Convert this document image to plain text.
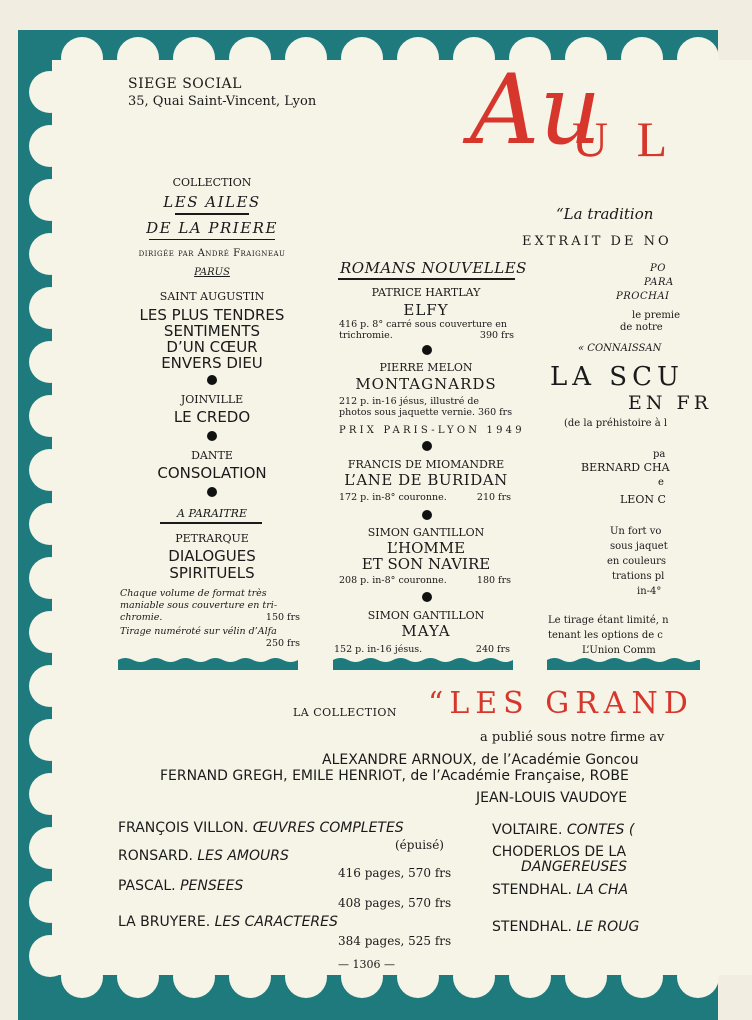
SIEGE SOCIAL
35, Quai Saint-Vincent, Lyon Au
U L
“La tradition
EXTRAIT DE NO
PO
PARA
PROCHAI
le premie
de notre
« CONNAISSAN
LA SCU
EN FR
(de la préhistoire à l
pa
BERNARD CHA
e
LEON C
Un fort vo
sous jaquet
en couleurs
trations pl
in-4°
Le tirage étant limité, n
tenant les options de c
L’Union Comm
COLLECTION
LES AILES
DE LA PRIERE
dirigée par André Fraigneau
PARUS
SAINT AUGUSTIN
LES PLUS TENDRES
SENTIMENTS
D’UN CŒUR
ENVERS DIEU
JOINVILLE
LE CREDO
DANTE
CONSOLATION
A PARAITRE
PETRARQUE
DIALOGUES
SPIRITUELS
Chaque volume de format très
maniable sous couverture en tri-
chromie.	150 frs
Tirage numéroté sur vélin d’Alfa
250 frs
ROMANS NOUVELLES
PATRICE HARTLAY
ELFY
416 p. 8° carré sous couverture en
trichromie.	390 frs
PIERRE MELON
MONTAGNARDS
212 p. in-16 jésus, illustré de
photos sous jaquette vernie. 360 frs
PRIX PARIS-LYON 1949
FRANCIS DE MIOMANDRE
L’ANE DE BURIDAN
172 p. in-8° couronne.	210 frs
SIMON GANTILLON
L’HOMME
ET SON NAVIRE
208 p. in-8° couronne.	180 frs
SIMON GANTILLON
MAYA
152 p. in-16 jésus.	240 frs
LA COLLECTION “LES GRAND
a publié sous notre firme av
ALEXANDRE ARNOUX, de l’Académie Goncou
FERNAND GREGH, EMILE HENRIOT, de l’Académie Française, ROBE
JEAN-LOUIS VAUDOYE
FRANÇOIS VILLON. ŒUVRES COMPLETES
(épuisé)
RONSARD. LES AMOURS
416 pages, 570 frs
PASCAL. PENSEES
408 pages, 570 frs
LA BRUYERE. LES CARACTERES
384 pages, 525 frs
VOLTAIRE. CONTES (
CHODERLOS DE LA
DANGEREUSES
STENDHAL. LA CHA
STENDHAL. LE ROUG
— 1306 —
